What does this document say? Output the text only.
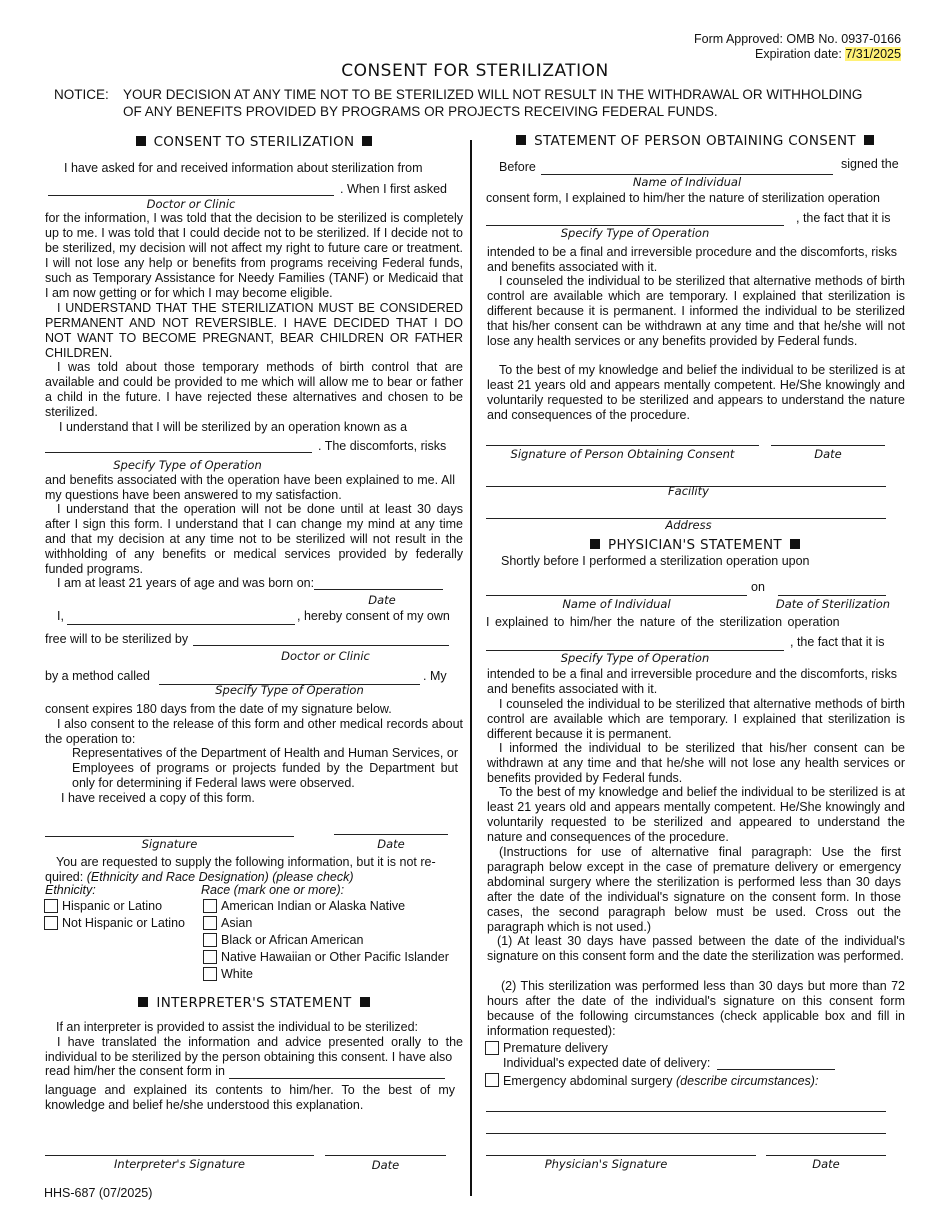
Form Approved: OMB No. 0937-0166
Expiration date: 7/31/2025
CONSENT FOR STERILIZATION
NOTICE: YOUR DECISION AT ANY TIME NOT TO BE STERILIZED WILL NOT RESULT IN THE WITHDRAWAL OR WITHHOLDING
OF ANY BENEFITS PROVIDED BY PROGRAMS OR PROJECTS RECEIVING FEDERAL FUNDS.
CONSENT TO STERILIZATION
I have asked for and received information about sterilization from
. When I first asked
Doctor or Clinic
for the information, I was told that the decision to be sterilized is completely up to me. I was told that I could decide not to be sterilized. If I decide not to be sterilized, my decision will not affect my right to future care or treatment. I will not lose any help or benefits from programs receiving Federal funds, such as Temporary Assistance for Needy Families (TANF) or Medicaid that I am now getting or for which I may become eligible.
I UNDERSTAND THAT THE STERILIZATION MUST BE CONSIDERED PERMANENT AND NOT REVERSIBLE. I HAVE DECIDED THAT I DO NOT WANT TO BECOME PREGNANT, BEAR CHILDREN OR FATHER CHILDREN.
I was told about those temporary methods of birth control that are available and could be provided to me which will allow me to bear or father a child in the future. I have rejected these alternatives and chosen to be sterilized.
I understand that I will be sterilized by an operation known as a
. The discomforts, risks
Specify Type of Operation
and benefits associated with the operation have been explained to me. All my questions have been answered to my satisfaction.
I understand that the operation will not be done until at least 30 days after I sign this form. I understand that I can change my mind at any time and that my decision at any time not to be sterilized will not result in the withholding of any benefits or medical services provided by federally funded programs.
I am at least 21 years of age and was born on:
Date
I,	, hereby consent of my own
free will to be sterilized by
Doctor or Clinic
by a method called	. My
Specify Type of Operation
consent expires 180 days from the date of my signature below.
I also consent to the release of this form and other medical records about the operation to:
Representatives of the Department of Health and Human Services, or Employees of programs or projects funded by the Department but only for determining if Federal laws were observed.
I have received a copy of this form.
Signature	Date
You are requested to supply the following information, but it is not re-
quired: (Ethnicity and Race Designation) (please check)
Ethnicity:	Race (mark one or more):
Hispanic or Latino
Not Hispanic or Latino
American Indian or Alaska Native
Asian
Black or African American
Native Hawaiian or Other Pacific Islander
White
INTERPRETER'S STATEMENT
If an interpreter is provided to assist the individual to be sterilized:
I have translated the information and advice presented orally to the individual to be sterilized by the person obtaining this consent. I have also
read him/her the consent form in
language and explained its contents to him/her. To the best of my knowledge and belief he/she understood this explanation.
Interpreter's Signature	Date
HHS-687 (07/2025)
STATEMENT OF PERSON OBTAINING CONSENT
Before	signed the
Name of Individual
consent form, I explained to him/her the nature of sterilization operation
, the fact that it is
Specify Type of Operation
intended to be a final and irreversible procedure and the discomforts, risks and benefits associated with it.
I counseled the individual to be sterilized that alternative methods of birth control are available which are temporary. I explained that sterilization is different because it is permanent. I informed the individual to be sterilized that his/her consent can be withdrawn at any time and that he/she will not lose any health services or any benefits provided by Federal funds.
To the best of my knowledge and belief the individual to be sterilized is at least 21 years old and appears mentally competent. He/She knowingly and voluntarily requested to be sterilized and appears to understand the nature and consequences of the procedure.
Signature of Person Obtaining Consent	Date
Facility
Address
PHYSICIAN'S STATEMENT
Shortly before I performed a sterilization operation upon
on
Name of Individual	Date of Sterilization
I explained to him/her the nature of the sterilization operation
, the fact that it is
Specify Type of Operation
intended to be a final and irreversible procedure and the discomforts, risks and benefits associated with it.
I counseled the individual to be sterilized that alternative methods of birth control are available which are temporary. I explained that sterilization is different because it is permanent.
I informed the individual to be sterilized that his/her consent can be withdrawn at any time and that he/she will not lose any health services or benefits provided by Federal funds.
To the best of my knowledge and belief the individual to be sterilized is at least 21 years old and appears mentally competent. He/She knowingly and voluntarily requested to be sterilized and appeared to understand the nature and consequences of the procedure.
(Instructions for use of alternative final paragraph: Use the first paragraph below except in the case of premature delivery or emergency abdominal surgery where the sterilization is performed less than 30 days after the date of the individual's signature on the consent form. In those cases, the second paragraph below must be used. Cross out the paragraph which is not used.)
(1) At least 30 days have passed between the date of the individual's signature on this consent form and the date the sterilization was performed.
(2) This sterilization was performed less than 30 days but more than 72 hours after the date of the individual's signature on this consent form because of the following circumstances (check applicable box and fill in information requested):
Premature delivery
Individual's expected date of delivery:
Emergency abdominal surgery (describe circumstances):
Physician's Signature	Date
